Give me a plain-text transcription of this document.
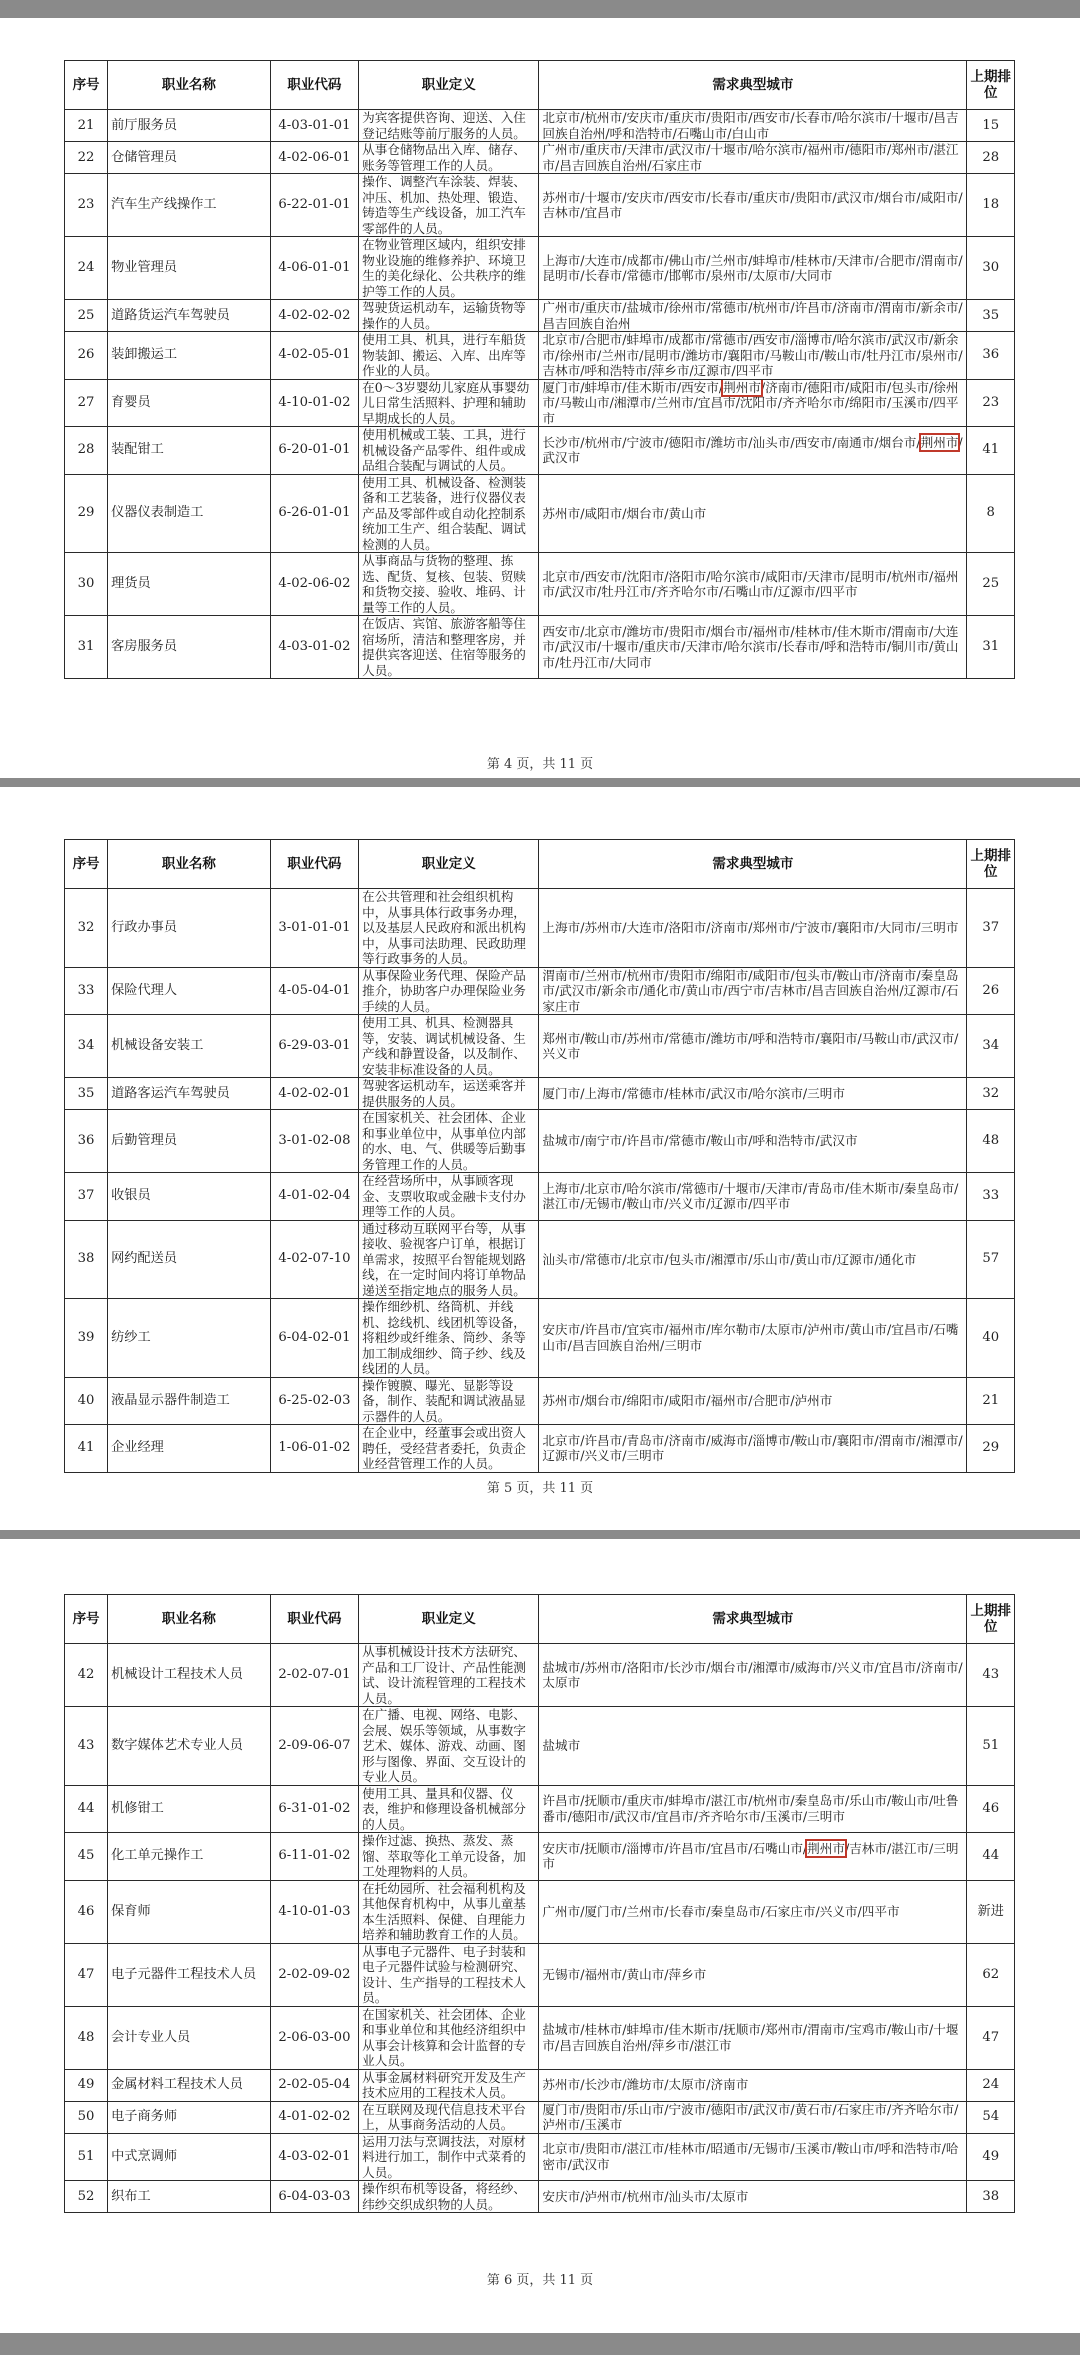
序号	职业名称	职业代码	职业定义	需求典型城市	上期排位
21	前厅服务员	4-03-01-01	为宾客提供咨询、迎送、入住登记结账等前厅服务的人员。	北京市/杭州市/安庆市/重庆市/贵阳市/西安市/长春市/哈尔滨市/十堰市/昌吉回族自治州/呼和浩特市/石嘴山市/白山市	15
22	仓储管理员	4-02-06-01	从事仓储物品出入库、储存、账务等管理工作的人员。	广州市/重庆市/天津市/武汉市/十堰市/哈尔滨市/福州市/德阳市/郑州市/湛江市/昌吉回族自治州/石家庄市	28
23	汽车生产线操作工	6-22-01-01	操作、调整汽车涂装、焊装、冲压、机加、热处理、锻造、铸造等生产线设备，加工汽车零部件的人员。	苏州市/十堰市/安庆市/西安市/长春市/重庆市/贵阳市/武汉市/烟台市/咸阳市/吉林市/宜昌市	18
24	物业管理员	4-06-01-01	在物业管理区域内，组织安排物业设施的维修养护、环境卫生的美化绿化、公共秩序的维护等工作的人员。	上海市/大连市/成都市/佛山市/兰州市/蚌埠市/桂林市/天津市/合肥市/渭南市/昆明市/长春市/常德市/邯郸市/泉州市/太原市/大同市	30
25	道路货运汽车驾驶员	4-02-02-02	驾驶货运机动车，运输货物等操作的人员。	广州市/重庆市/盐城市/徐州市/常德市/杭州市/许昌市/济南市/渭南市/新余市/昌吉回族自治州	35
26	装卸搬运工	4-02-05-01	使用工具、机具，进行车船货物装卸、搬运、入库、出库等作业的人员。	北京市/合肥市/蚌埠市/成都市/常德市/西安市/淄博市/哈尔滨市/武汉市/新余市/徐州市/兰州市/昆明市/潍坊市/襄阳市/马鞍山市/鞍山市/牡丹江市/泉州市/吉林市/呼和浩特市/萍乡市/辽源市/四平市	36
27	育婴员	4-10-01-02	在0～3岁婴幼儿家庭从事婴幼儿日常生活照料、护理和辅助早期成长的人员。	厦门市/蚌埠市/佳木斯市/西安市/荆州市/济南市/德阳市/咸阳市/包头市/徐州市/马鞍山市/湘潭市/兰州市/宜昌市/沈阳市/齐齐哈尔市/绵阳市/玉溪市/四平市	23
28	装配钳工	6-20-01-01	使用机械或工装、工具，进行机械设备产品零件、组件或成品组合装配与调试的人员。	长沙市/杭州市/宁波市/德阳市/潍坊市/汕头市/西安市/南通市/烟台市/荆州市/武汉市	41
29	仪器仪表制造工	6-26-01-01	使用工具、机械设备、检测装备和工艺装备，进行仪器仪表产品及零部件或自动化控制系统加工生产、组合装配、调试检测的人员。	苏州市/咸阳市/烟台市/黄山市	8
30	理货员	4-02-06-02	从事商品与货物的整理、拣选、配货、复核、包装、贸赎和货物交接、验收、堆码、计量等工作的人员。	北京市/西安市/沈阳市/洛阳市/哈尔滨市/咸阳市/天津市/昆明市/杭州市/福州市/武汉市/牡丹江市/齐齐哈尔市/石嘴山市/辽源市/四平市	25
31	客房服务员	4-03-01-02	在饭店、宾馆、旅游客船等住宿场所，清洁和整理客房，并提供宾客迎送、住宿等服务的人员。	西安市/北京市/潍坊市/贵阳市/烟台市/福州市/桂林市/佳木斯市/渭南市/大连市/武汉市/十堰市/重庆市/天津市/哈尔滨市/长春市/呼和浩特市/铜川市/黄山市/牡丹江市/大同市	31
第 4 页，共 11 页
序号	职业名称	职业代码	职业定义	需求典型城市	上期排位
32	行政办事员	3-01-01-01	在公共管理和社会组织机构中，从事具体行政事务办理，以及基层人民政府和派出机构中，从事司法助理、民政助理等行政事务的人员。	上海市/苏州市/大连市/洛阳市/济南市/郑州市/宁波市/襄阳市/大同市/三明市	37
33	保险代理人	4-05-04-01	从事保险业务代理、保险产品推介，协助客户办理保险业务手续的人员。	渭南市/兰州市/杭州市/贵阳市/绵阳市/咸阳市/包头市/鞍山市/济南市/秦皇岛市/武汉市/新余市/通化市/黄山市/西宁市/吉林市/昌吉回族自治州/辽源市/石家庄市	26
34	机械设备安装工	6-29-03-01	使用工具、机具、检测器具等，安装、调试机械设备、生产线和静置设备，以及制作、安装非标准设备的人员。	郑州市/鞍山市/苏州市/常德市/潍坊市/呼和浩特市/襄阳市/马鞍山市/武汉市/兴义市	34
35	道路客运汽车驾驶员	4-02-02-01	驾驶客运机动车，运送乘客并提供服务的人员。	厦门市/上海市/常德市/桂林市/武汉市/哈尔滨市/三明市	32
36	后勤管理员	3-01-02-08	在国家机关、社会团体、企业和事业单位中，从事单位内部的水、电、气、供暖等后勤事务管理工作的人员。	盐城市/南宁市/许昌市/常德市/鞍山市/呼和浩特市/武汉市	48
37	收银员	4-01-02-04	在经营场所中，从事顾客现金、支票收取或金融卡支付办理等工作的人员。	上海市/北京市/哈尔滨市/常德市/十堰市/天津市/青岛市/佳木斯市/秦皇岛市/湛江市/无锡市/鞍山市/兴义市/辽源市/四平市	33
38	网约配送员	4-02-07-10	通过移动互联网平台等，从事接收、验视客户订单，根据订单需求，按照平台智能规划路线，在一定时间内将订单物品递送至指定地点的服务人员。	汕头市/常德市/北京市/包头市/湘潭市/乐山市/黄山市/辽源市/通化市	57
39	纺纱工	6-04-02-01	操作细纱机、络筒机、并线机、捻线机、线团机等设备，将粗纱或纤维条、筒纱、条等加工制成细纱、筒子纱、线及线团的人员。	安庆市/许昌市/宜宾市/福州市/库尔勒市/太原市/泸州市/黄山市/宜昌市/石嘴山市/昌吉回族自治州/三明市	40
40	液晶显示器件制造工	6-25-02-03	操作镀膜、曝光、显影等设备，制作、装配和调试液晶显示器件的人员。	苏州市/烟台市/绵阳市/咸阳市/福州市/合肥市/泸州市	21
41	企业经理	1-06-01-02	在企业中，经董事会或出资人聘任，受经营者委托，负责企业经营管理工作的人员。	北京市/许昌市/青岛市/济南市/威海市/淄博市/鞍山市/襄阳市/渭南市/湘潭市/辽源市/兴义市/三明市	29
第 5 页，共 11 页
序号	职业名称	职业代码	职业定义	需求典型城市	上期排位
42	机械设计工程技术人员	2-02-07-01	从事机械设计技术方法研究、产品和工厂设计、产品性能测试、设计流程管理的工程技术人员。	盐城市/苏州市/洛阳市/长沙市/烟台市/湘潭市/威海市/兴义市/宜昌市/济南市/太原市	43
43	数字媒体艺术专业人员	2-09-06-07	在广播、电视、网络、电影、会展、娱乐等领域，从事数字艺术、媒体、游戏、动画、图形与图像、界面、交互设计的专业人员。	盐城市	51
44	机修钳工	6-31-01-02	使用工具、量具和仪器、仪表，维护和修理设备机械部分的人员。	许昌市/抚顺市/重庆市/蚌埠市/湛江市/杭州市/秦皇岛市/乐山市/鞍山市/吐鲁番市/德阳市/武汉市/宜昌市/齐齐哈尔市/玉溪市/三明市	46
45	化工单元操作工	6-11-01-02	操作过滤、换热、蒸发、蒸馏、萃取等化工单元设备，加工处理物料的人员。	安庆市/抚顺市/淄博市/许昌市/宜昌市/石嘴山市/荆州市/吉林市/湛江市/三明市	44
46	保育师	4-10-01-03	在托幼园所、社会福利机构及其他保育机构中，从事儿童基本生活照料、保健、自理能力培养和辅助教育工作的人员。	广州市/厦门市/兰州市/长春市/秦皇岛市/石家庄市/兴义市/四平市	新进
47	电子元器件工程技术人员	2-02-09-02	从事电子元器件、电子封装和电子元器件试验与检测研究、设计、生产指导的工程技术人员。	无锡市/福州市/黄山市/萍乡市	62
48	会计专业人员	2-06-03-00	在国家机关、社会团体、企业和事业单位和其他经济组织中从事会计核算和会计监督的专业人员。	盐城市/桂林市/蚌埠市/佳木斯市/抚顺市/郑州市/渭南市/宝鸡市/鞍山市/十堰市/昌吉回族自治州/萍乡市/湛江市	47
49	金属材料工程技术人员	2-02-05-04	从事金属材料研究开发及生产技术应用的工程技术人员。	苏州市/长沙市/潍坊市/太原市/济南市	24
50	电子商务师	4-01-02-02	在互联网及现代信息技术平台上，从事商务活动的人员。	厦门市/贵阳市/乐山市/宁波市/德阳市/武汉市/黄石市/石家庄市/齐齐哈尔市/泸州市/玉溪市	54
51	中式烹调师	4-03-02-01	运用刀法与烹调技法，对原材料进行加工，制作中式菜肴的人员。	北京市/贵阳市/湛江市/桂林市/昭通市/无锡市/玉溪市/鞍山市/呼和浩特市/哈密市/武汉市	49
52	织布工	6-04-03-03	操作织布机等设备，将经纱、纬纱交织成织物的人员。	安庆市/泸州市/杭州市/汕头市/太原市	38
第 6 页，共 11 页
